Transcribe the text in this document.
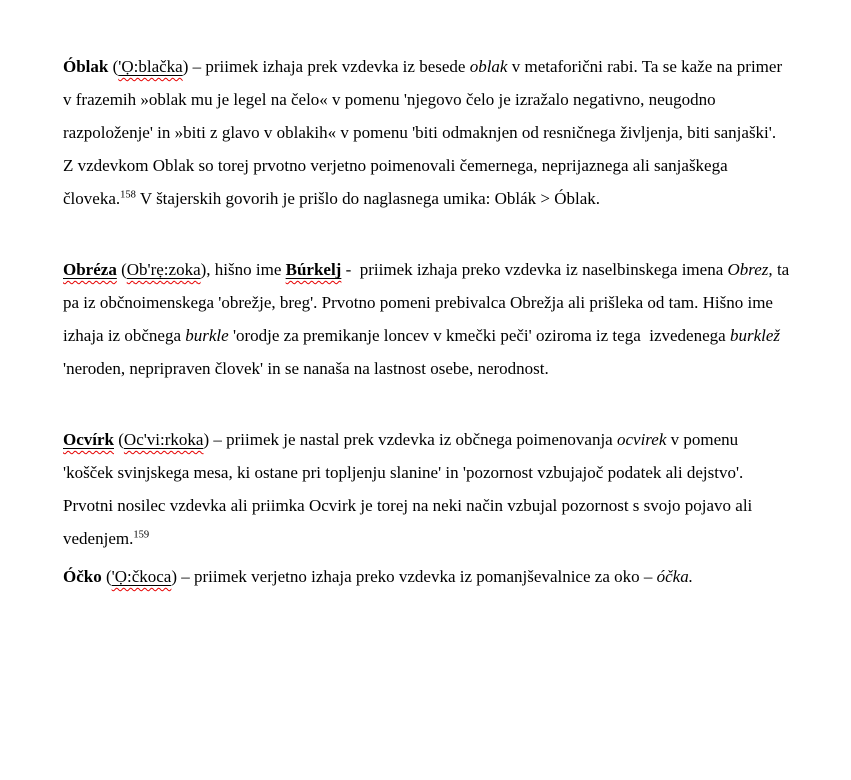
Óblak ('Ọ:blačka) – priimek izhaja prek vzdevka iz besede oblak v metaforični rabi. Ta se kaže na primer v frazemih »oblak mu je legel na čelo« v pomenu 'njegovo čelo je izražalo negativno, neugodno razpoloženje' in »biti z glavo v oblakih« v pomenu 'biti odmaknjen od resničnega življenja, biti sanjaški'. Z vzdevkom Oblak so torej prvotno verjetno poimenovali čemernega, neprijaznega ali sanjaškega človeka.$^{158}$ V štajerskih govorih je prišlo do naglasnega umika: Oblák > Óblak.

Obréza (Ob'rẹ:zoka), hišno ime Búrkelj -  priimek izhaja preko vzdevka iz naselbinskega imena Obrez, ta pa iz občnoimenskega 'obrežje, breg'. Prvotno pomeni prebivalca Obrežja ali prišleka od tam. Hišno ime izhaja iz občnega burkle 'orodje za premikanje loncev v kmečki peči' oziroma iz tega  izvedenega burklež 'neroden, nepripraven človek' in se nanaša na lastnost osebe, nerodnost.

Ocvírk (Oc'vi:rkoka) – priimek je nastal prek vzdevka iz občnega poimenovanja ocvirek v pomenu 'košček svinjskega mesa, ki ostane pri topljenju slanine' in 'pozornost vzbujajoč podatek ali dejstvo'. Prvotni nosilec vzdevka ali priimka Ocvirk je torej na neki način vzbujal pozornost s svojo pojavo ali vedenjem.$^{159}$

Óčko ('Ọ:čkoca) – priimek verjetno izhaja preko vzdevka iz pomanjševalnice za oko – óčka.
